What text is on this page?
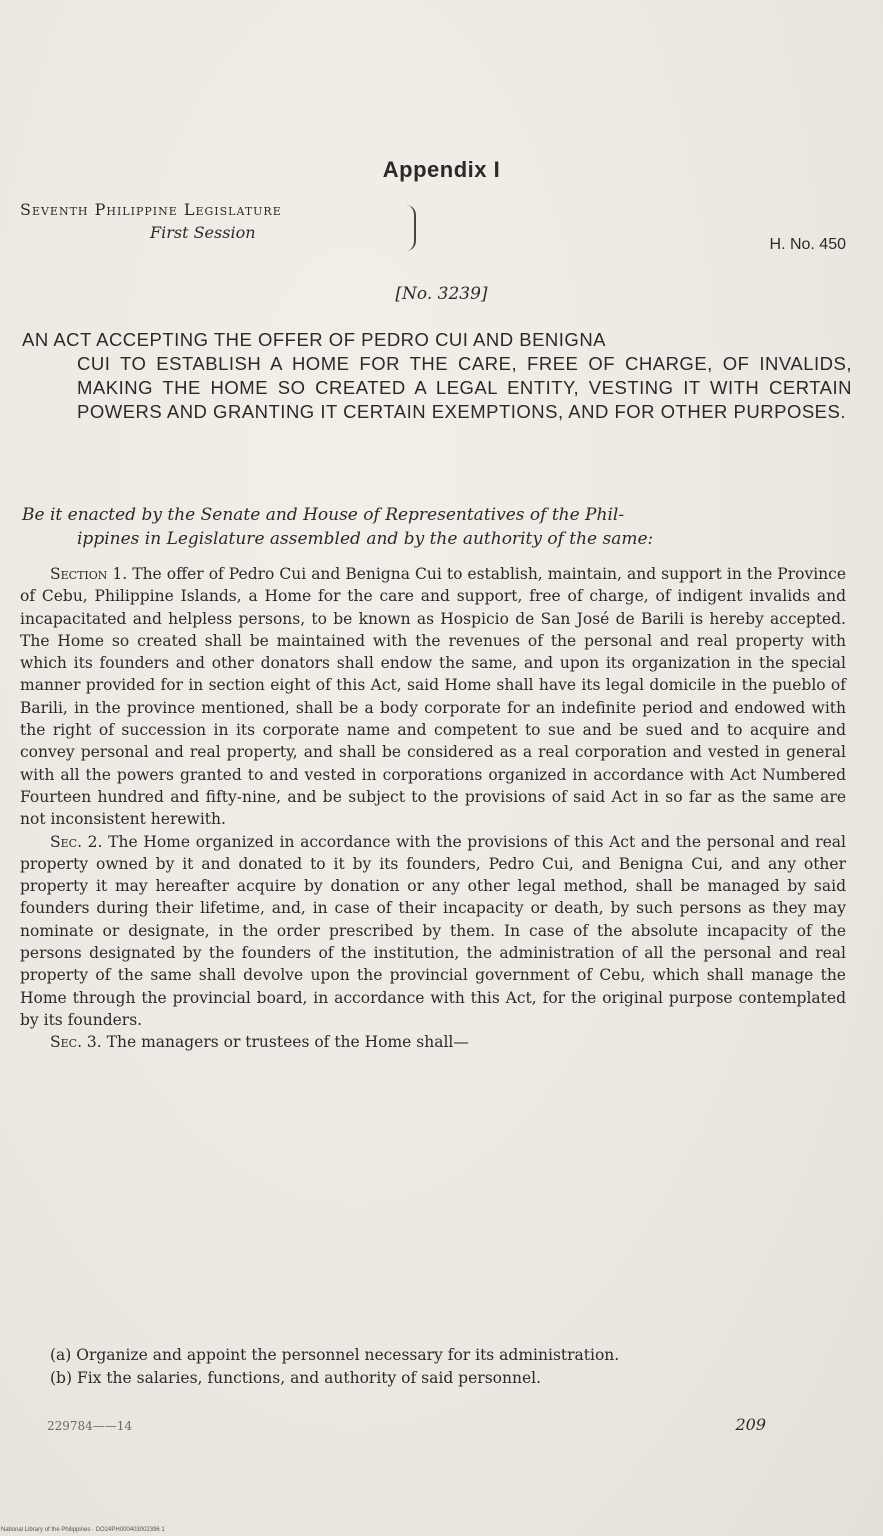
Appendix I
Seventh Philippine Legislature
First Session
H. No. 450
[No. 3239]
AN ACT ACCEPTING THE OFFER OF PEDRO CUI AND BENIGNA
CUI TO ESTABLISH A HOME FOR THE CARE, FREE OF CHARGE, OF INVALIDS, MAKING THE HOME SO CREATED A LEGAL ENTITY, VESTING IT WITH CERTAIN POWERS AND GRANTING IT CERTAIN EXEMPTIONS, AND FOR OTHER PURPOSES.
Be it enacted by the Senate and House of Representatives of the Phil-
ippines in Legislature assembled and by the authority of the same:

Section 1. The offer of Pedro Cui and Benigna Cui to establish, maintain, and support in the Province of Cebu, Philippine Islands, a Home for the care and support, free of charge, of indigent invalids and incapacitated and helpless persons, to be known as Hospicio de San José de Barili is hereby accepted. The Home so created shall be maintained with the revenues of the personal and real property with which its founders and other donators shall endow the same, and upon its organization in the special manner provided for in section eight of this Act, said Home shall have its legal domicile in the pueblo of Barili, in the province mentioned, shall be a body corporate for an indefinite period and endowed with the right of succession in its corporate name and competent to sue and be sued and to acquire and convey personal and real property, and shall be considered as a real corporation and vested in general with all the powers granted to and vested in corporations organized in accordance with Act Numbered Fourteen hundred and fifty-nine, and be subject to the provisions of said Act in so far as the same are not inconsistent herewith.

Sec. 2. The Home organized in accordance with the provisions of this Act and the personal and real property owned by it and donated to it by its founders, Pedro Cui, and Benigna Cui, and any other property it may hereafter acquire by donation or any other legal method, shall be managed by said founders during their lifetime, and, in case of their incapacity or death, by such persons as they may nominate or designate, in the order prescribed by them. In case of the absolute incapacity of the persons designated by the founders of the institution, the administration of all the personal and real property of the same shall devolve upon the provincial government of Cebu, which shall manage the Home through the provincial board, in accordance with this Act, for the original purpose contemplated by its founders.

Sec. 3. The managers or trustees of the Home shall—

(a) Organize and appoint the personnel necessary for its administration.
(b) Fix the salaries, functions, and authority of said personnel.
229784——14	209
National Library of the Philippines · DO24PH000403002396 1
